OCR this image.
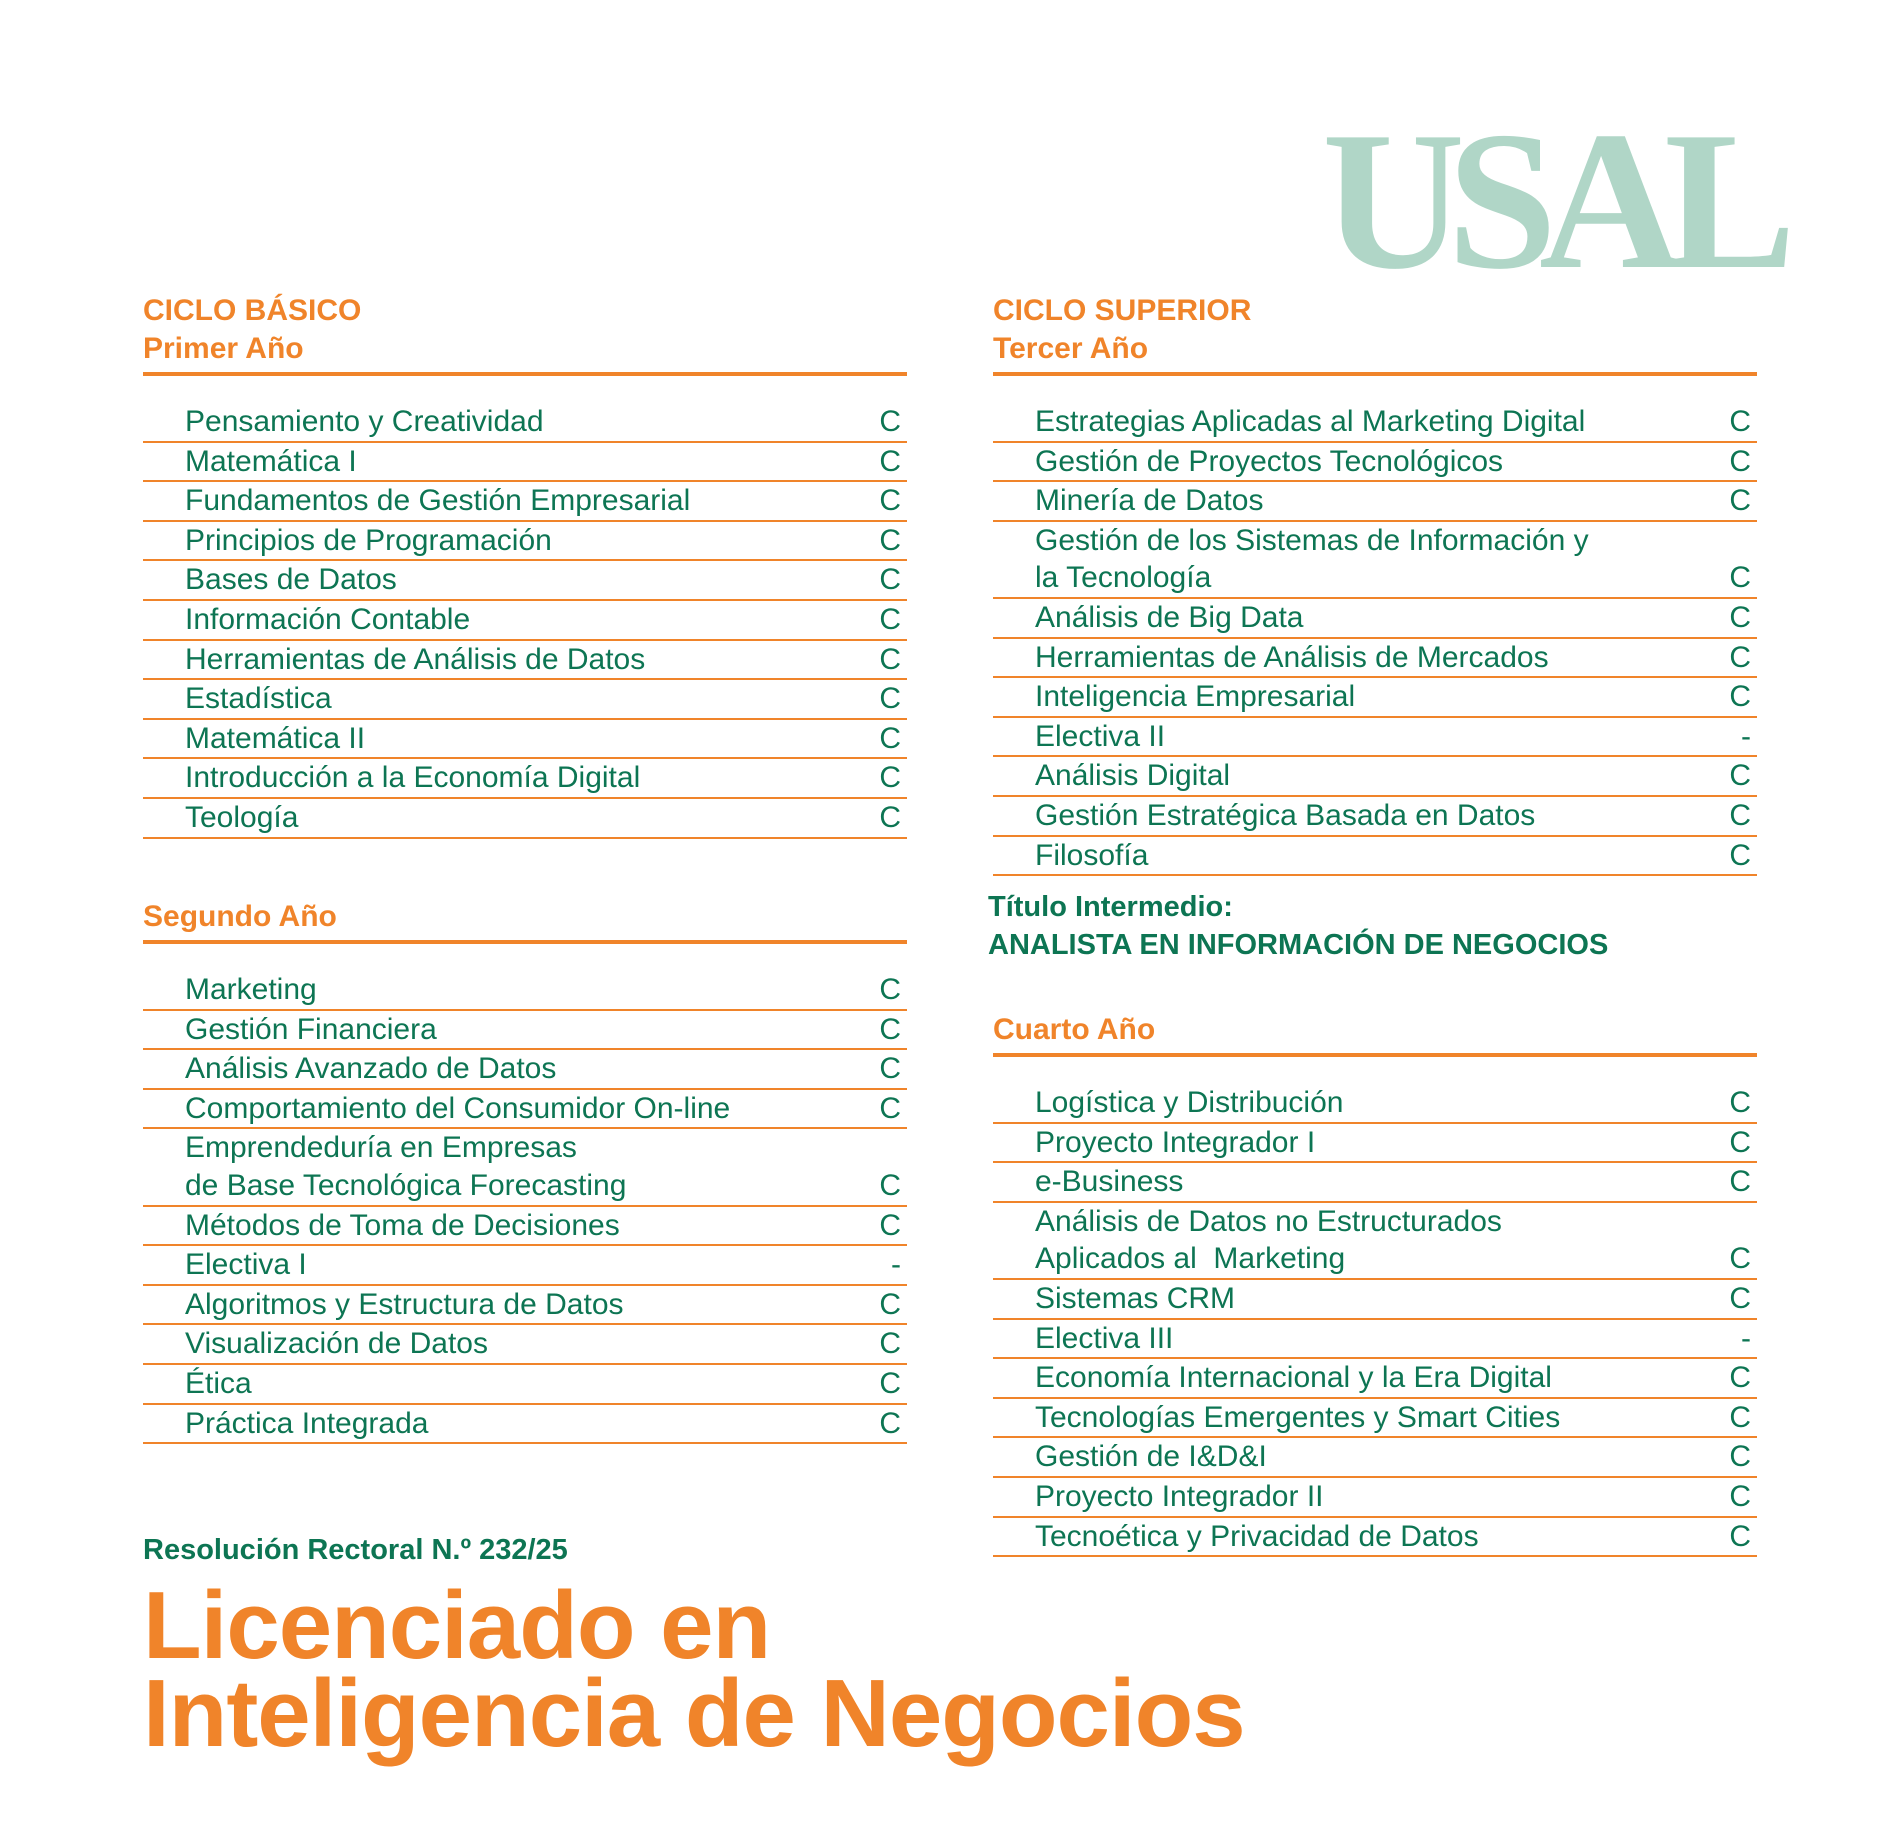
USAL
CICLO BÁSICO
Primer Año
Pensamiento y Creatividad	C
Matemática I	C
Fundamentos de Gestión Empresarial	C
Principios de Programación	C
Bases de Datos	C
Información Contable	C
Herramientas de Análisis de Datos	C
Estadística	C
Matemática II	C
Introducción a la Economía Digital	C
Teología	C
Segundo Año
Marketing	C
Gestión Financiera	C
Análisis Avanzado de Datos	C
Comportamiento del Consumidor On-line	C
Emprendeduría en Empresas
de Base Tecnológica Forecasting	C
Métodos de Toma de Decisiones	C
Electiva I	-
Algoritmos y Estructura de Datos	C
Visualización de Datos	C
Ética	C
Práctica Integrada	C
CICLO SUPERIOR
Tercer Año
Estrategias Aplicadas al Marketing Digital	C
Gestión de Proyectos Tecnológicos	C
Minería de Datos	C
Gestión de los Sistemas de Información y
la Tecnología	C
Análisis de Big Data	C
Herramientas de Análisis de Mercados	C
Inteligencia Empresarial	C
Electiva II	-
Análisis Digital	C
Gestión Estratégica Basada en Datos	C
Filosofía	C
Título Intermedio:
ANALISTA EN INFORMACIÓN DE NEGOCIOS
Cuarto Año
Logística y Distribución	C
Proyecto Integrador I	C
e-Business	C
Análisis de Datos no Estructurados
Aplicados al  Marketing	C
Sistemas CRM	C
Electiva III	-
Economía Internacional y la Era Digital	C
Tecnologías Emergentes y Smart Cities	C
Gestión de I&D&I	C
Proyecto Integrador II	C
Tecnoética y Privacidad de Datos	C
Resolución Rectoral N.º 232/25
Licenciado en
Inteligencia de Negocios
